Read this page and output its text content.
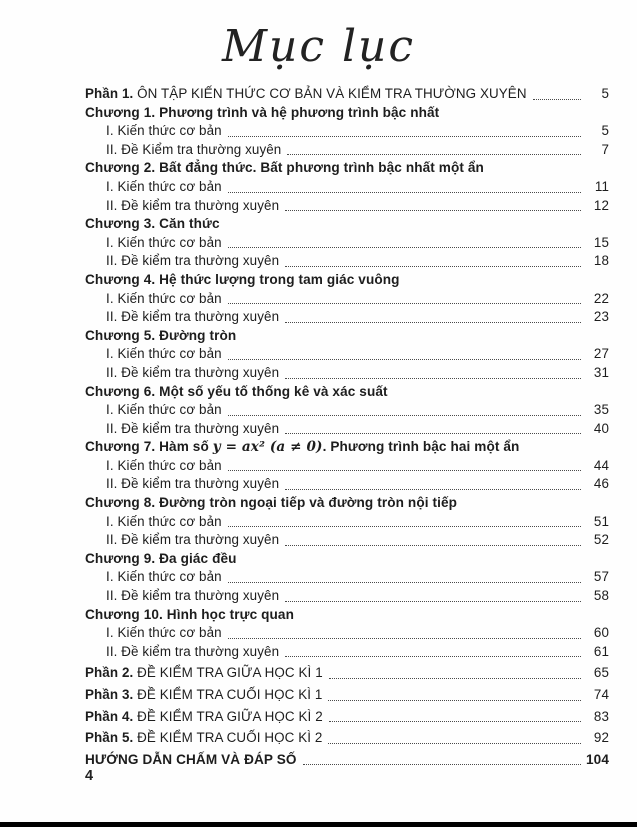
Mục lục
Phần 1. ÔN TẬP KIẾN THỨC CƠ BẢN VÀ KIỂM TRA THƯỜNG XUYÊN	5
Chương 1. Phương trình và hệ phương trình bậc nhất
I. Kiến thức cơ bản	5
II. Đề Kiểm tra thường xuyên	7
Chương 2. Bất đẳng thức. Bất phương trình bậc nhất một ẩn
I. Kiến thức cơ bản	11
II. Đề kiểm tra thường xuyên	12
Chương 3. Căn thức
I. Kiến thức cơ bản	15
II. Đề kiểm tra thường xuyên	18
Chương 4. Hệ thức lượng trong tam giác vuông
I. Kiến thức cơ bản	22
II. Đề kiểm tra thường xuyên	23
Chương 5. Đường tròn
I. Kiến thức cơ bản	27
II. Đề kiểm tra thường xuyên	31
Chương 6. Một số yếu tố thống kê và xác suất
I. Kiến thức cơ bản	35
II. Đề kiểm tra thường xuyên	40
Chương 7. Hàm số y = ax² (a ≠ 0). Phương trình bậc hai một ẩn
I. Kiến thức cơ bản	44
II. Đề kiểm tra thường xuyên	46
Chương 8. Đường tròn ngoại tiếp và đường tròn nội tiếp
I. Kiến thức cơ bản	51
II. Đề kiểm tra thường xuyên	52
Chương 9. Đa giác đều
I. Kiến thức cơ bản	57
II. Đề kiểm tra thường xuyên	58
Chương 10. Hình học trực quan
I. Kiến thức cơ bản	60
II. Đề kiểm tra thường xuyên	61
Phần 2. ĐỀ KIỂM TRA GIỮA HỌC KÌ 1	65
Phần 3. ĐỀ KIỂM TRA CUỐI HỌC KÌ 1	74
Phần 4. ĐỀ KIỂM TRA GIỮA HỌC KÌ 2	83
Phần 5. ĐỀ KIỂM TRA CUỐI HỌC KÌ 2	92
HƯỚNG DẪN CHẤM VÀ ĐÁP SỐ	104
4
